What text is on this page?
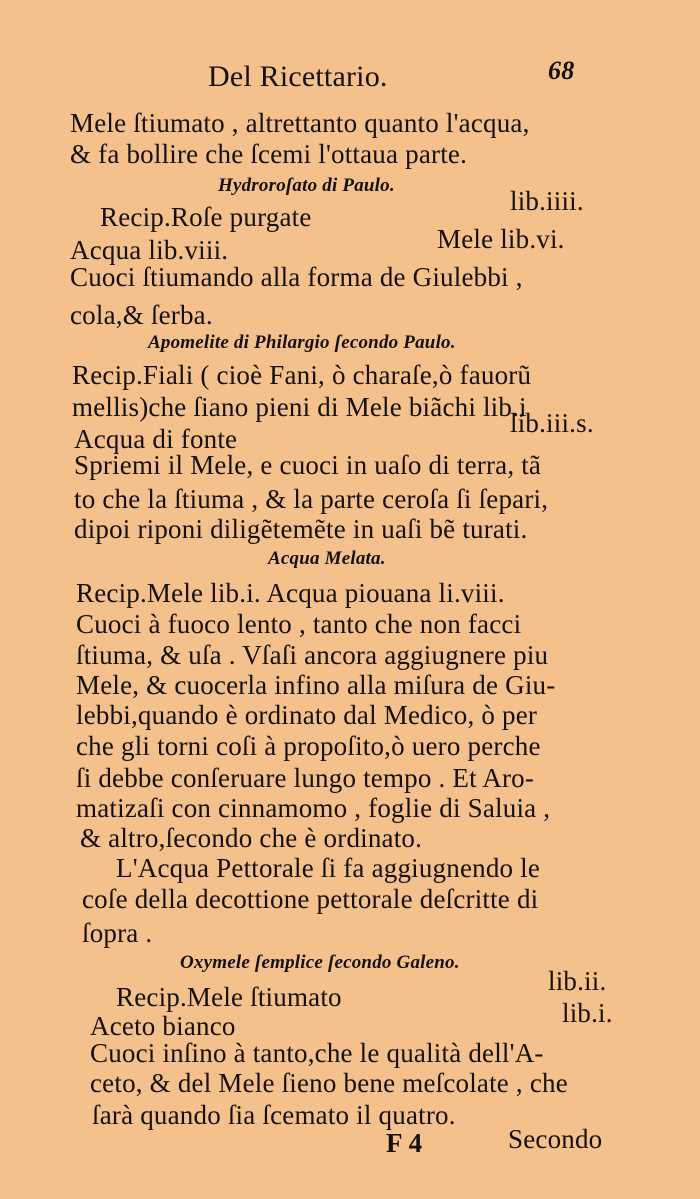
Del Ricettario.	68
Mele ſtiumato , altrettanto quanto l'acqua,
& fa bollire che ſcemi l'ottaua parte.
Hydrоroſato di Paulo.
Recip.Roſe purgate
lib.iiii.
Acqua lib.viii.	Mele lib.vi.
Cuoci ſtiumando alla forma de Giulebbi ,
cola,& ſerba.
Apomelite di Philargio ſecondo Paulo.
Recip.Fiali ( cioè Fani, ò charaſe,ò fauorũ
mellis)che ſiano pieni di Mele biãchi lib.i
Acqua di fonte
lib.iii.s.
Spriemi il Mele, e cuoci in uaſo di terra, tã
to che la ſtiuma , & la parte ceroſa ſi ſepari,
dipoi riponi diligẽtemẽte in uaſi bẽ turati.
Acqua Melata.
Recip.Mele lib.i. Acqua piouana li.viii.
Cuoci à fuoco lento , tanto che non facci
ſtiuma, & uſa . Vſaſi ancora aggiugnere piu
Mele, & cuocerla infino alla miſura de Giu-
lebbi,quando è ordinato dal Medico, ò per
che gli torni coſi à propoſito,ò uero perche
ſi debbe conſeruare lungo tempo . Et Aro-
matizaſi con cinnamomo , foglie di Saluia ,
& altro,ſecondo che è ordinato.
L'Acqua Pettorale ſi fa aggiugnendo le
coſe della decottione pettorale deſcritte di
ſopra .
Oxymele ſemplice ſecondo Galeno.
Recip.Mele ſtiumato
lib.ii.
Aceto bianco	lib.i.
Cuoci inſino à tanto,che le qualità dell'A-
ceto, & del Mele ſieno bene meſcolate , che
ſarà quando ſia ſcemato il quatro.
F 4	Secondo
